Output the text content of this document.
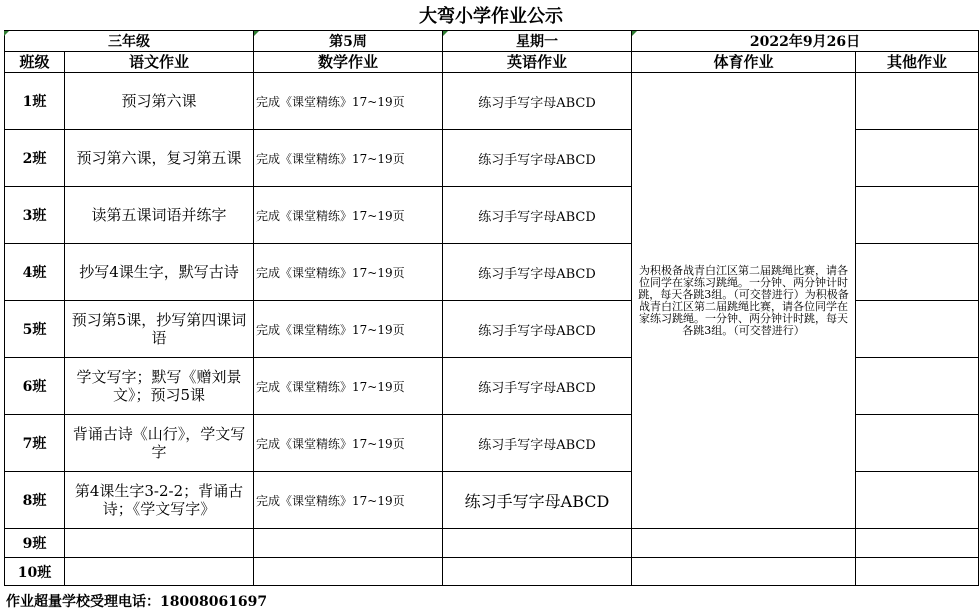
大弯小学作业公示
三年级		第5周	星期一	2022年9月26日	
班级	语文作业	数学作业	英语作业	体育作业	其他作业
1班	预习第六课	完成《课堂精练》17~19页	练习手写字母ABCD	为积极备战青白江区第二届跳绳比赛，请各位同学在家练习跳绳。一分钟、两分钟计时跳，每天各跳3组。（可交替进行）为积极备战青白江区第二届跳绳比赛，请各位同学在家练习跳绳。一分钟、两分钟计时跳，每天各跳3组。（可交替进行）	
2班	预习第六课，复习第五课	完成《课堂精练》17~19页	练习手写字母ABCD		
3班	读第五课词语并练字	完成《课堂精练》17~19页	练习手写字母ABCD		
4班	抄写4课生字，默写古诗	完成《课堂精练》17~19页	练习手写字母ABCD		
5班	预习第5课，抄写第四课词语	完成《课堂精练》17~19页	练习手写字母ABCD		
6班	学文写字；默写《赠刘景文》；预习5课	完成《课堂精练》17~19页	练习手写字母ABCD		
7班	背诵古诗《山行》，学文写字	完成《课堂精练》17~19页	练习手写字母ABCD		
8班	第4课生字3-2-2；背诵古诗；《学文写字》	完成《课堂精练》17~19页	练习手写字母ABCD		
9班					
10班					
作业超量学校受理电话：18008061697
